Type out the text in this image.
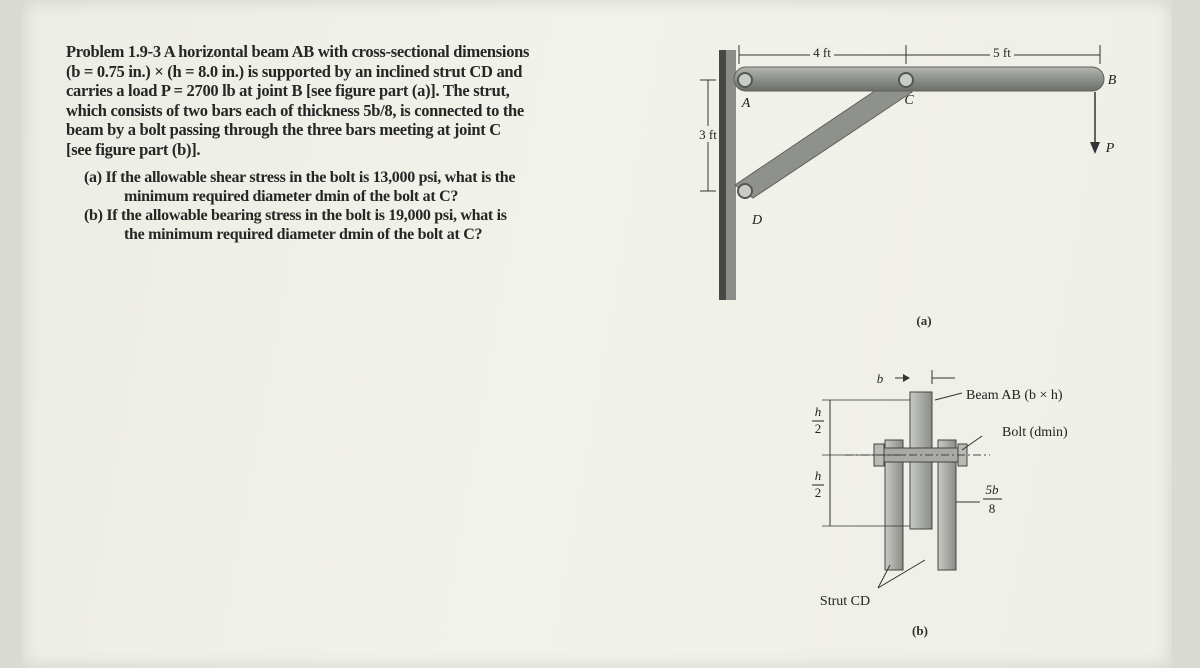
Problem 1.9-3 A horizontal beam AB with cross-sectional dimensions

(b = 0.75 in.) × (h = 8.0 in.) is supported by an inclined strut CD and

carries a load P = 2700 lb at joint B [see figure part (a)]. The strut,

which consists of two bars each of thickness 5b/8, is connected to the

beam by a bolt passing through the three bars meeting at joint C

[see figure part (b)].

(a) If the allowable shear stress in the bolt is 13,000 psi, what is the
minimum required diameter dmin of the bolt at C?
(b) If the allowable bearing stress in the bolt is 19,000 psi, what is
the minimum required diameter dmin of the bolt at C?
4 ft	5 ft
3 ft
A	C
B
D
P
(a)
b
h
2
h
2	5b
8
Beam AB (b × h)
Bolt (dmin)
Strut CD
(b)
